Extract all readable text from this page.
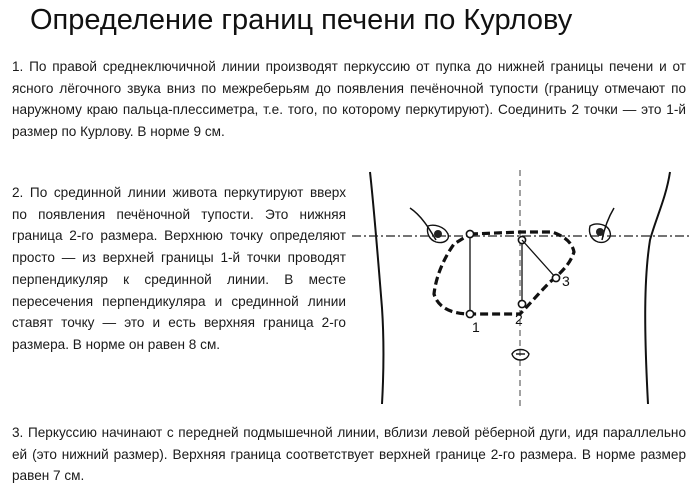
Определение границ печени по Курлову

1. По правой среднеключичной линии производят перкуссию от пупка до нижней границы печени и от ясного лёгочного звука вниз по межреберьям до появления печёночной тупости (границу отмечают по наружному краю пальца-плессиметра, т.е. того, по которому перкутируют). Соединить 2 точки — это 1-й размер по Курлову. В норме 9 см.

2. По срединной линии живота перкутируют вверх по появления печёночной тупости. Это нижняя граница 2-го размера. Верхнюю точку определяют просто — из верхней границы 1-й точки проводят перпендикуляр к срединной линии. В месте пересечения перпендикуляра и срединной линии ставят точку — это и есть верхняя граница 2-го размера. В норме он равен 8 см.

3. Перкуссию начинают с передней подмышечной линии, вблизи левой рёберной дуги, идя параллельно ей (это нижний размер). Верхняя граница соответствует верхней границе 2-го размера. В норме размер равен 7 см.

1	2
3
